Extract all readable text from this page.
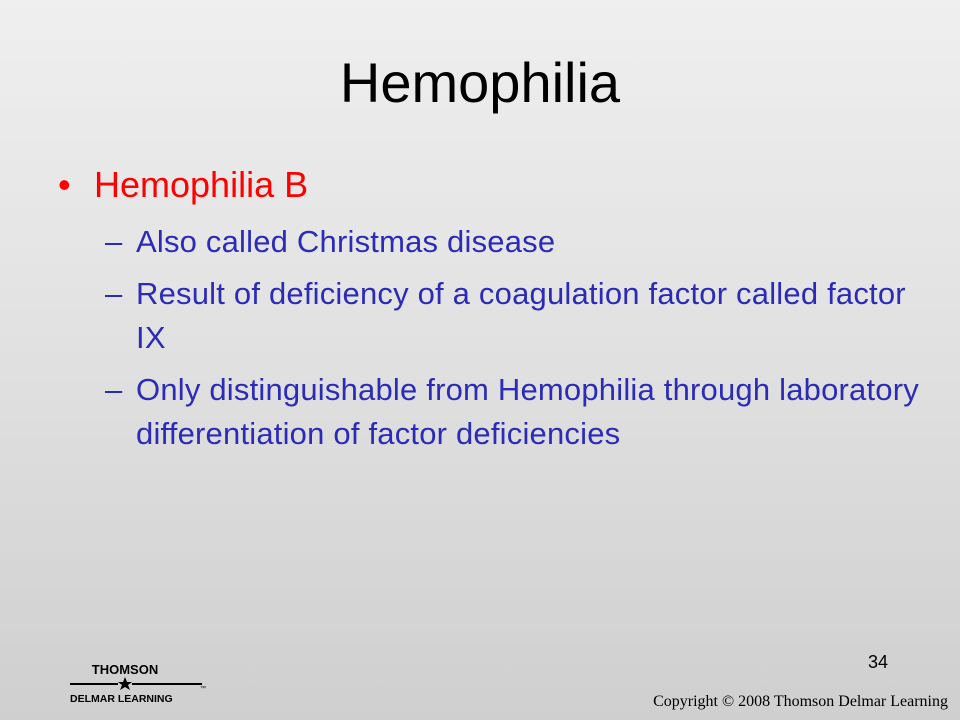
Hemophilia
• Hemophilia B
– Also called Christmas disease
– Result of deficiency of a coagulation factor called factor IX
– Only distinguishable from Hemophilia through laboratory differentiation of factor deficiencies
34
THOMSON
DELMAR LEARNING
™
Copyright © 2008 Thomson Delmar Learning
